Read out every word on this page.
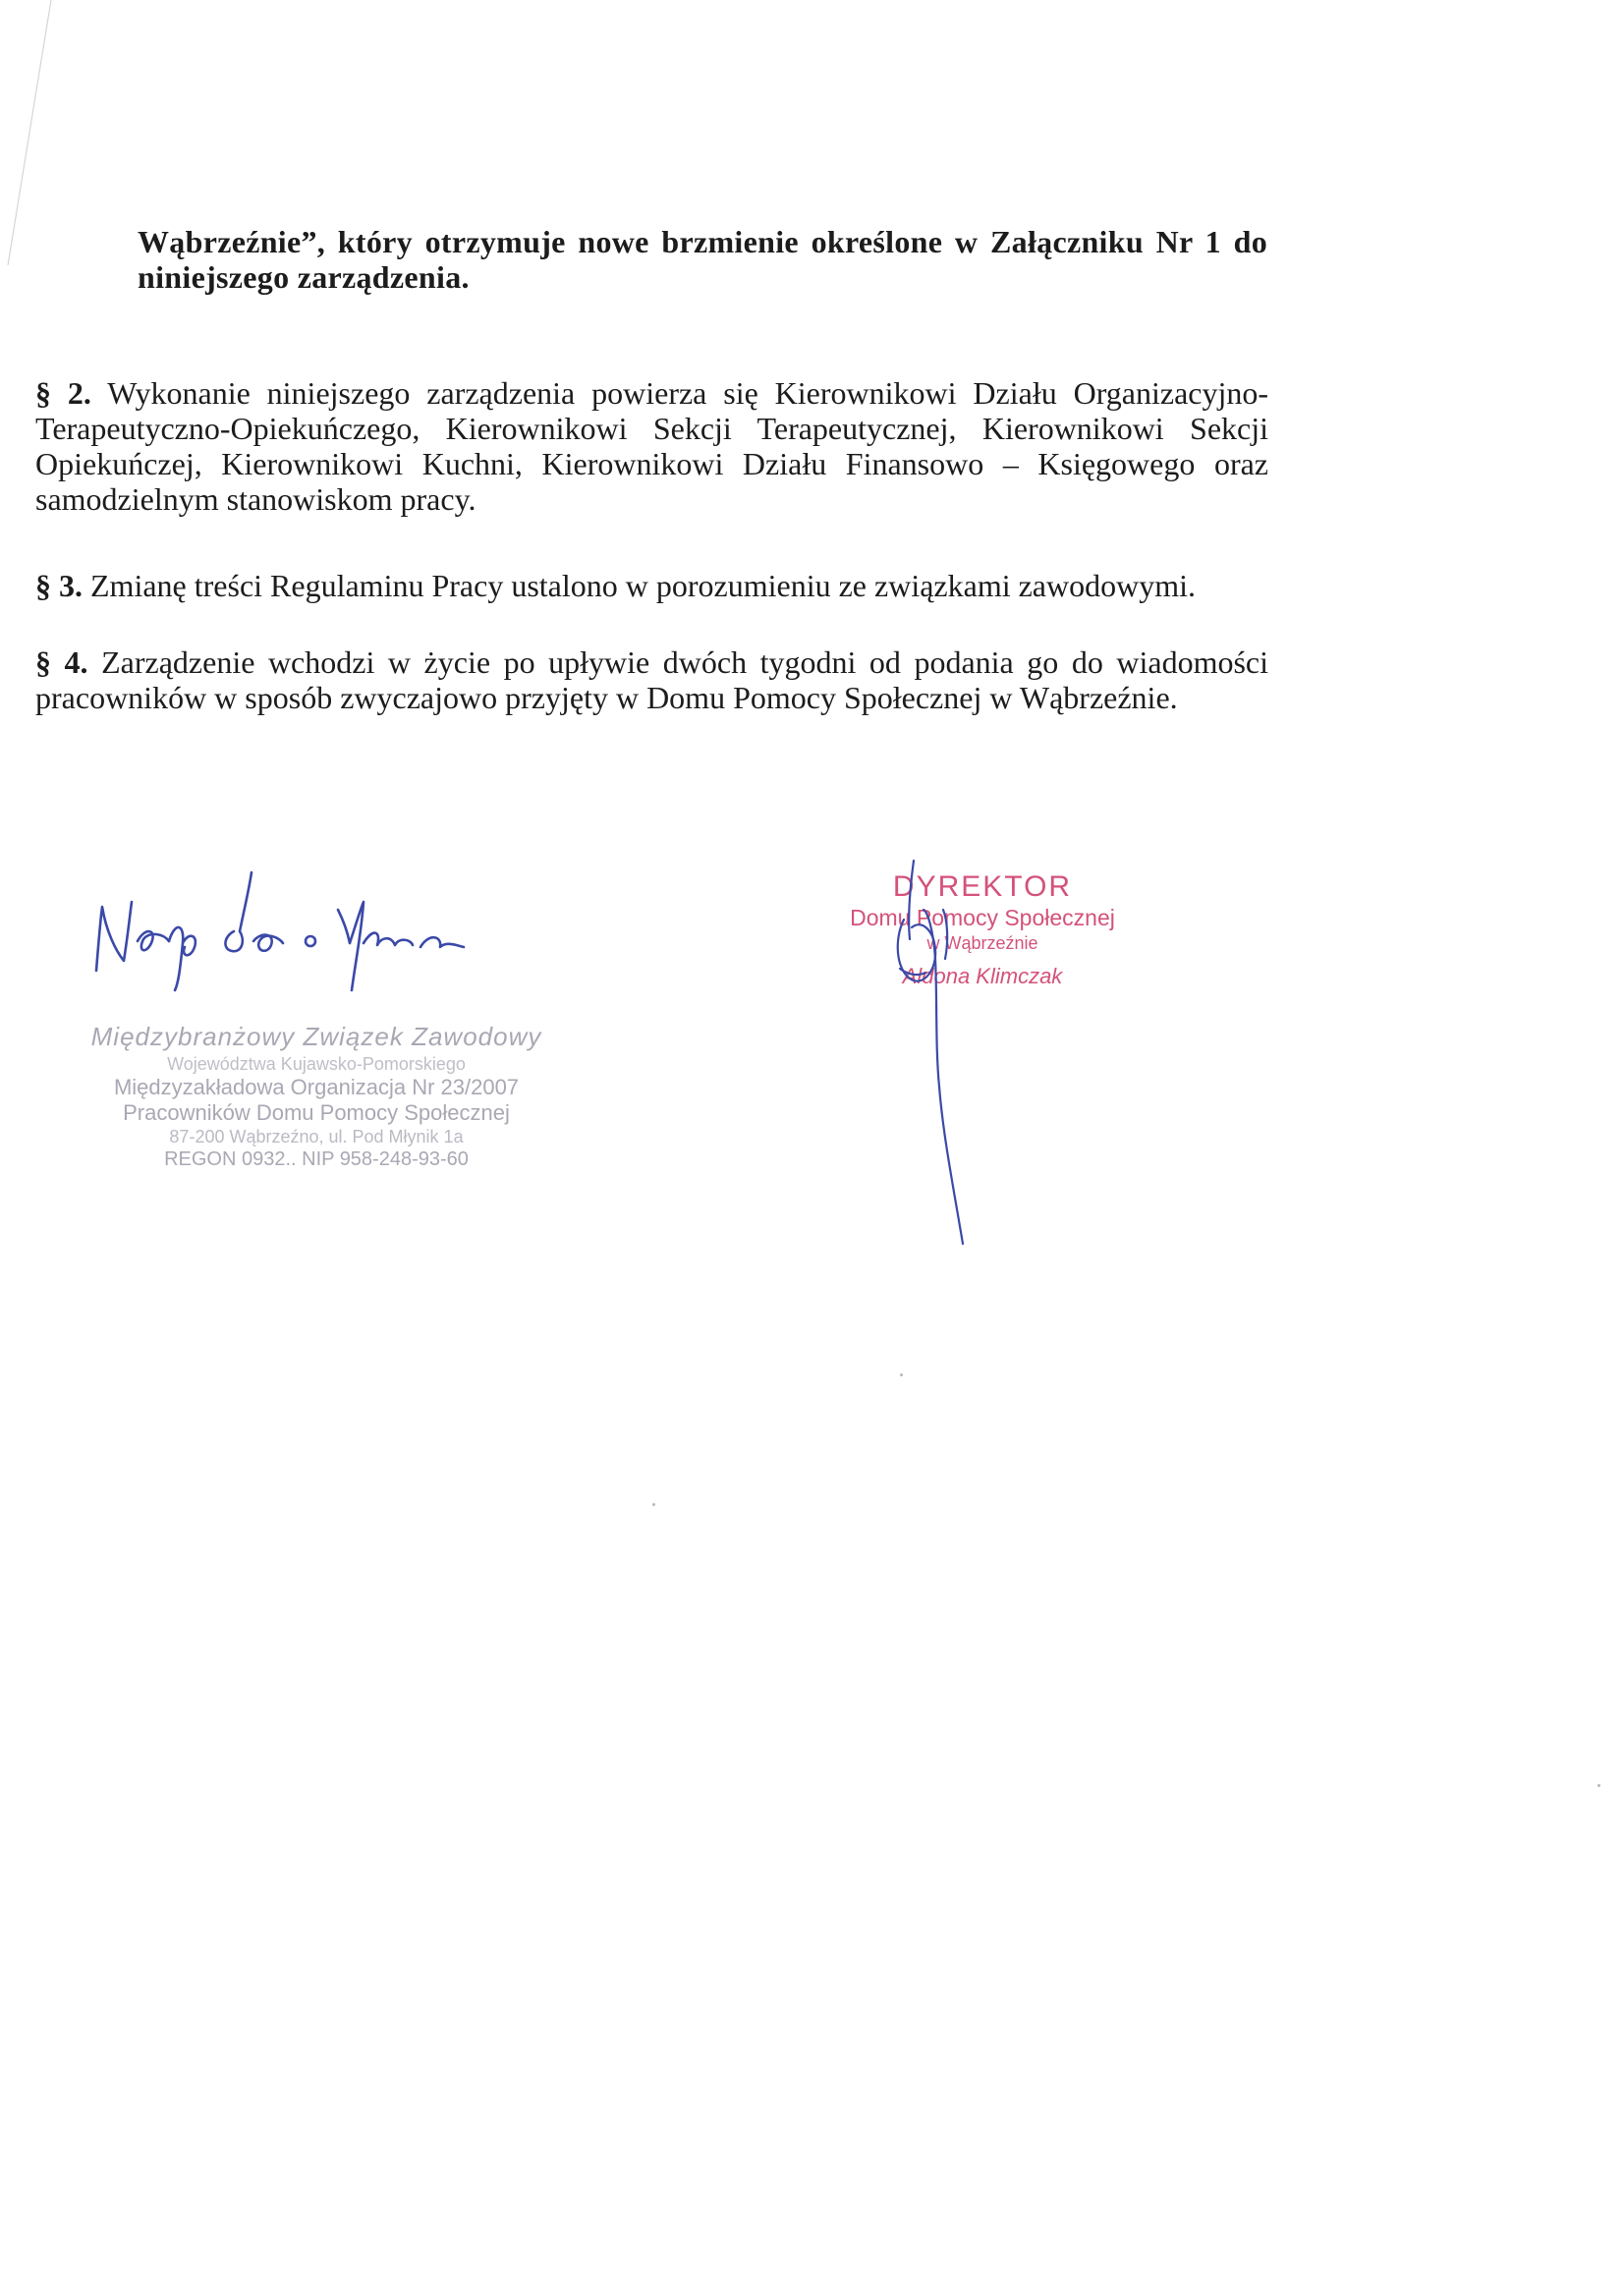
Wąbrzeźnie”, który otrzymuje nowe brzmienie określone w Załączniku Nr 1 do niniejszego zarządzenia.

§ 2. Wykonanie niniejszego zarządzenia powierza się Kierownikowi Działu Organizacyjno-Terapeutyczno-Opiekuńczego, Kierownikowi Sekcji Terapeutycznej, Kierownikowi Sekcji Opiekuńczej, Kierownikowi Kuchni, Kierownikowi Działu Finansowo – Księgowego oraz samodzielnym stanowiskom pracy.

§ 3. Zmianę treści Regulaminu Pracy ustalono w porozumieniu ze związkami zawodowymi.

§ 4. Zarządzenie wchodzi w życie po upływie dwóch tygodni od podania go do wiadomości pracowników w sposób zwyczajowo przyjęty w Domu Pomocy Społecznej w Wąbrzeźnie.

Międzybranżowy Związek Zawodowy
Województwa Kujawsko-Pomorskiego
Międzyzakładowa Organizacja Nr 23/2007
Pracowników Domu Pomocy Społecznej
87-200 Wąbrzeźno, ul. Pod Młynik 1a
REGON 0932.. NIP 958-248-93-60
DYREKTOR
Domu Pomocy Społecznej
w Wąbrzeźnie
Aldona Klimczak
